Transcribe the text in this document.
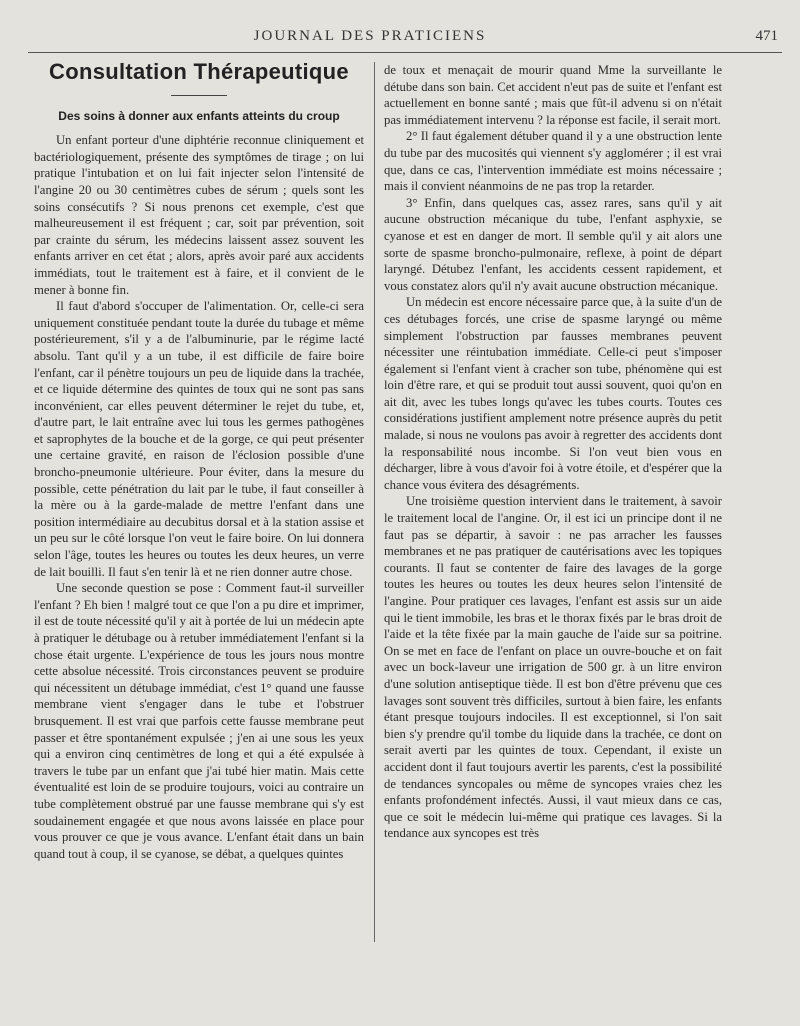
JOURNAL DES PRATICIENS	471
Consultation Thérapeutique
Des soins à donner aux enfants atteints du croup

Un enfant porteur d'une diphtérie reconnue cliniquement et bactériologiquement, présente des symptômes de tirage ; on lui pratique l'intubation et on lui fait injecter selon l'intensité de l'angine 20 ou 30 centimètres cubes de sérum ; quels sont les soins consécutifs ? Si nous prenons cet exemple, c'est que malheureusement il est fréquent ; car, soit par prévention, soit par crainte du sérum, les médecins laissent assez souvent les enfants arriver en cet état ; alors, après avoir paré aux accidents immédiats, tout le traitement est à faire, et il convient de le mener à bonne fin.

Il faut d'abord s'occuper de l'alimentation. Or, celle-ci sera uniquement constituée pendant toute la durée du tubage et même postérieurement, s'il y a de l'albuminurie, par le régime lacté absolu. Tant qu'il y a un tube, il est difficile de faire boire l'enfant, car il pénètre toujours un peu de liquide dans la trachée, et ce liquide détermine des quintes de toux qui ne sont pas sans inconvénient, car elles peuvent déterminer le rejet du tube, et, d'autre part, le lait entraîne avec lui tous les germes pathogènes et saprophytes de la bouche et de la gorge, ce qui peut présenter une certaine gravité, en raison de l'éclosion possible d'une broncho-pneumonie ultérieure. Pour éviter, dans la mesure du possible, cette pénétration du lait par le tube, il faut conseiller à la mère ou à la garde-malade de mettre l'enfant dans une position intermédiaire au decubitus dorsal et à la station assise et un peu sur le côté lorsque l'on veut le faire boire. On lui donnera selon l'âge, toutes les heures ou toutes les deux heures, un verre de lait bouilli. Il faut s'en tenir là et ne rien donner autre chose.

Une seconde question se pose : Comment faut-il surveiller l'enfant ? Eh bien ! malgré tout ce que l'on a pu dire et imprimer, il est de toute nécessité qu'il y ait à portée de lui un médecin apte à pratiquer le détubage ou à retuber immédiatement l'enfant si la chose était urgente. L'expérience de tous les jours nous montre cette absolue nécessité. Trois circonstances peuvent se produire qui nécessitent un détubage immédiat, c'est 1° quand une fausse membrane vient s'engager dans le tube et l'obstruer brusquement. Il est vrai que parfois cette fausse membrane peut passer et être spontanément expulsée ; j'en ai une sous les yeux qui a environ cinq centimètres de long et qui a été expulsée à travers le tube par un enfant que j'ai tubé hier matin. Mais cette éventualité est loin de se produire toujours, voici au contraire un tube complètement obstrué par une fausse membrane qui s'y est soudainement engagée et que nous avons laissée en place pour vous prouver ce que je vous avance. L'enfant était dans un bain quand tout à coup, il se cyanose, se débat, a quelques quintes

de toux et menaçait de mourir quand Mme la surveillante le détube dans son bain. Cet accident n'eut pas de suite et l'enfant est actuellement en bonne santé ; mais que fût-il advenu si on n'était pas immédiatement intervenu ? la réponse est facile, il serait mort.

2° Il faut également détuber quand il y a une obstruction lente du tube par des mucosités qui viennent s'y agglomérer ; il est vrai que, dans ce cas, l'intervention immédiate est moins nécessaire ; mais il convient néanmoins de ne pas trop la retarder.

3° Enfin, dans quelques cas, assez rares, sans qu'il y ait aucune obstruction mécanique du tube, l'enfant asphyxie, se cyanose et est en danger de mort. Il semble qu'il y ait alors une sorte de spasme broncho-pulmonaire, reflexe, à point de départ laryngé. Détubez l'enfant, les accidents cessent rapidement, et vous constatez alors qu'il n'y avait aucune obstruction mécanique.

Un médecin est encore nécessaire parce que, à la suite d'un de ces détubages forcés, une crise de spasme laryngé ou même simplement l'obstruction par fausses membranes peuvent nécessiter une réintubation immédiate. Celle-ci peut s'imposer également si l'enfant vient à cracher son tube, phénomène qui est loin d'être rare, et qui se produit tout aussi souvent, quoi qu'on en ait dit, avec les tubes longs qu'avec les tubes courts. Toutes ces considérations justifient amplement notre présence auprès du petit malade, si nous ne voulons pas avoir à regretter des accidents dont la responsabilité nous incombe. Si l'on veut bien vous en décharger, libre à vous d'avoir foi à votre étoile, et d'espérer que la chance vous évitera des désagréments.

Une troisième question intervient dans le traitement, à savoir le traitement local de l'angine. Or, il est ici un principe dont il ne faut pas se départir, à savoir : ne pas arracher les fausses membranes et ne pas pratiquer de cautérisations avec les topiques courants. Il faut se contenter de faire des lavages de la gorge toutes les heures ou toutes les deux heures selon l'intensité de l'angine. Pour pratiquer ces lavages, l'enfant est assis sur un aide qui le tient immobile, les bras et le thorax fixés par le bras droit de l'aide et la tête fixée par la main gauche de l'aide sur sa poitrine. On se met en face de l'enfant on place un ouvre-bouche et on fait avec un bock-laveur une irrigation de 500 gr. à un litre environ d'une solution antiseptique tiède. Il est bon d'être prévenu que ces lavages sont souvent très difficiles, surtout à bien faire, les enfants étant presque toujours indociles. Il est exceptionnel, si l'on sait bien s'y prendre qu'il tombe du liquide dans la trachée, ce dont on serait averti par les quintes de toux. Cependant, il existe un accident dont il faut toujours avertir les parents, c'est la possibilité de tendances syncopales ou même de syncopes vraies chez les enfants profondément infectés. Aussi, il vaut mieux dans ce cas, que ce soit le médecin lui-même qui pratique ces lavages. Si la tendance aux syncopes est très
